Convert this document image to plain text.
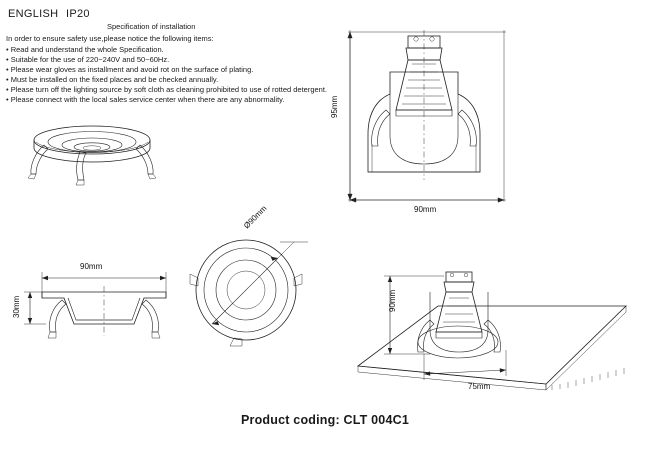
ENGLISH IP20
Specification of installation
In order to ensure safety use,please notice the following items:
• Read and understand the whole Specification.
• Suitable for the use of 220~240V and 50~60Hz.
• Please wear gloves as installment and avoid rot on the surface of plating.
• Must be installed on the fixed places and be checked annually.
• Please turn off the lighting source by soft cloth as cleaning prohibited to use of rotted detergent.
• Please connect with the local sales service center when there are any abnormality.	95mm
90mm
90mm
30mm
Ø90mm
90mm
75mm
Product coding: CLT 004C1
